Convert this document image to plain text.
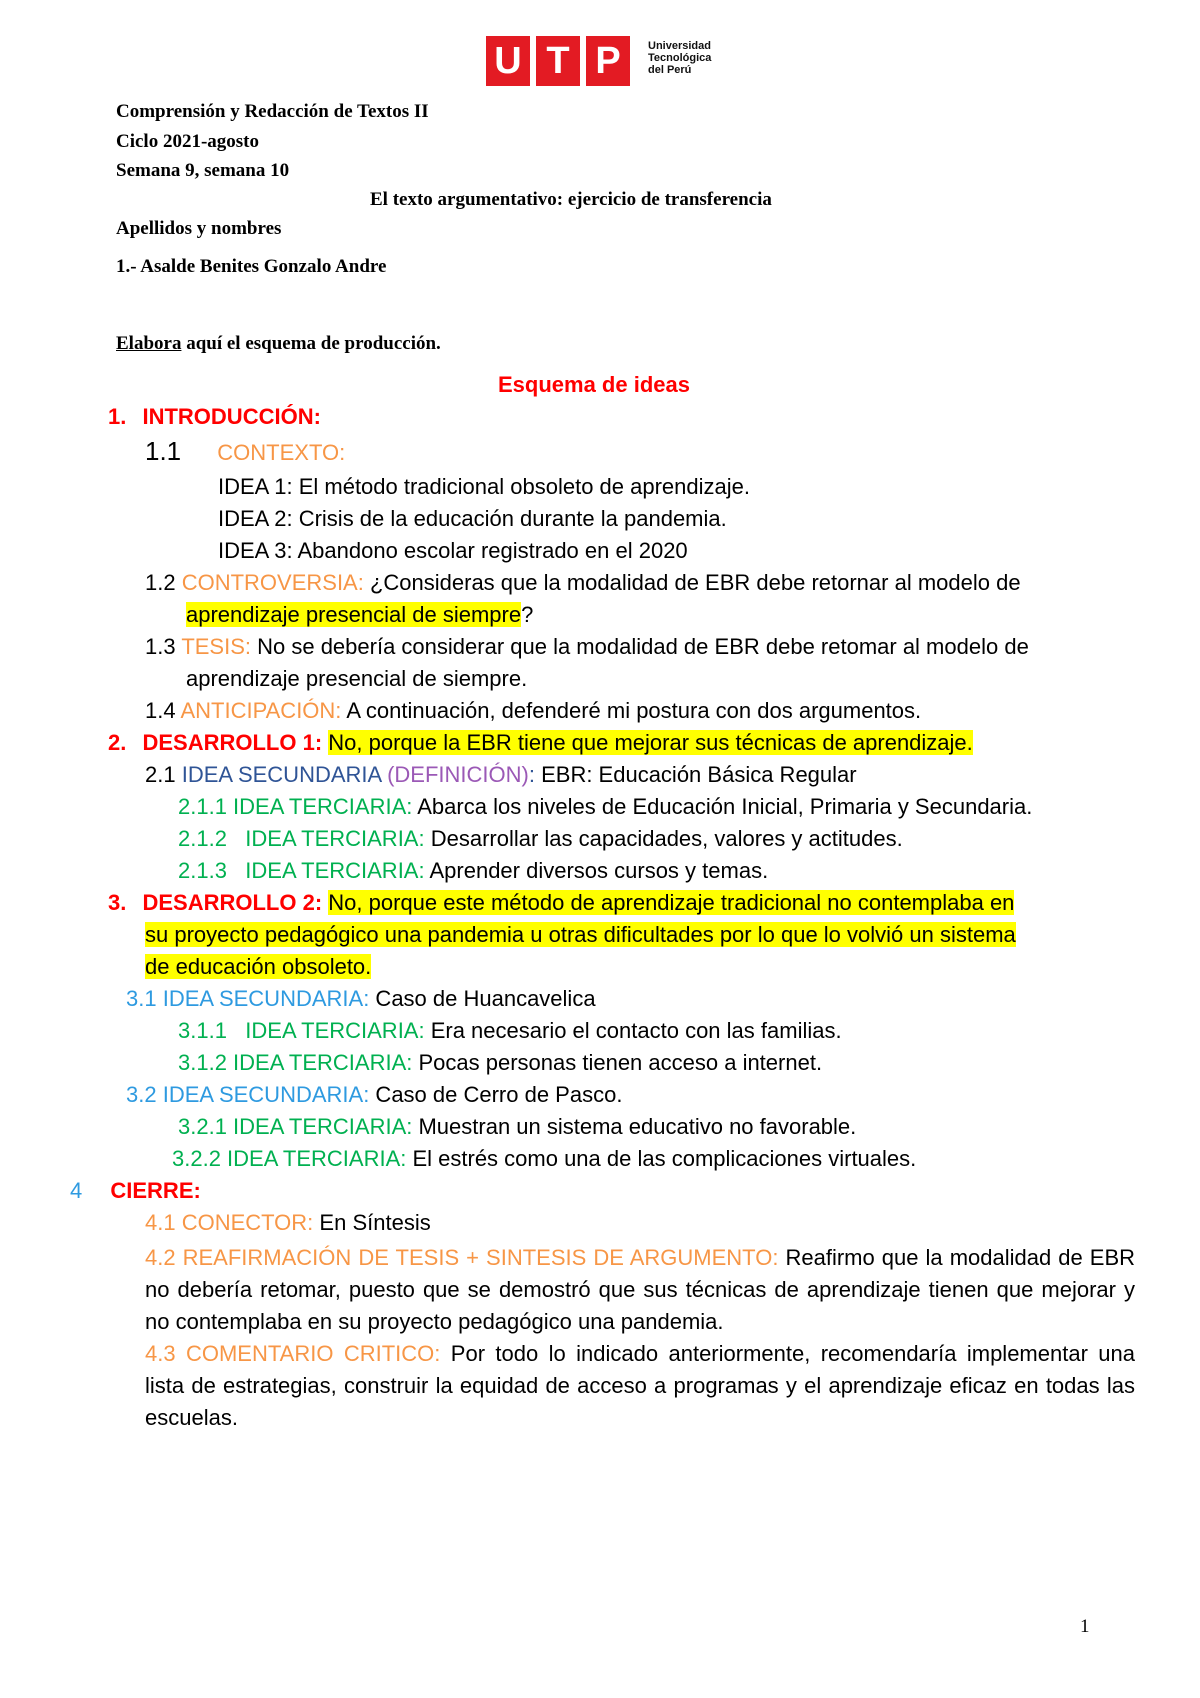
U T P	Universidad
Tecnológica
del Perú
Comprensión y Redacción de Textos II
Ciclo 2021-agosto
Semana 9, semana 10
El texto argumentativo: ejercicio de transferencia
Apellidos y nombres
1.- Asalde Benites Gonzalo Andre
Elabora aquí el esquema de producción.
Esquema de ideas
1. INTRODUCCIÓN:
1.1 CONTEXTO:
IDEA 1: El método tradicional obsoleto de aprendizaje.
IDEA 2: Crisis de la educación durante la pandemia.
IDEA 3: Abandono escolar registrado en el 2020
1.2 CONTROVERSIA: ¿Consideras que la modalidad de EBR debe retornar al modelo de
aprendizaje presencial de siempre?
1.3 TESIS: No se debería considerar que la modalidad de EBR debe retomar al modelo de
aprendizaje presencial de siempre.
1.4 ANTICIPACIÓN: A continuación, defenderé mi postura con dos argumentos.
2. DESARROLLO 1: No, porque la EBR tiene que mejorar sus técnicas de aprendizaje.
2.1 IDEA SECUNDARIA (DEFINICIÓN): EBR: Educación Básica Regular
2.1.1 IDEA TERCIARIA: Abarca los niveles de Educación Inicial, Primaria y Secundaria.
2.1.2   IDEA TERCIARIA: Desarrollar las capacidades, valores y actitudes.
2.1.3   IDEA TERCIARIA: Aprender diversos cursos y temas.
3. DESARROLLO 2: No, porque este método de aprendizaje tradicional no contemplaba en
su proyecto pedagógico una pandemia u otras dificultades por lo que lo volvió un sistema
de educación obsoleto.
3.1 IDEA SECUNDARIA: Caso de Huancavelica
3.1.1   IDEA TERCIARIA: Era necesario el contacto con las familias.
3.1.2 IDEA TERCIARIA: Pocas personas tienen acceso a internet.
3.2 IDEA SECUNDARIA: Caso de Cerro de Pasco.
3.2.1 IDEA TERCIARIA: Muestran un sistema educativo no favorable.
3.2.2 IDEA TERCIARIA: El estrés como una de las complicaciones virtuales.
4 CIERRE:
4.1 CONECTOR: En Síntesis
4.2 REAFIRMACIÓN DE TESIS + SINTESIS DE ARGUMENTO: Reafirmo que la modalidad de EBR no debería retomar, puesto que se demostró que sus técnicas de aprendizaje tienen que mejorar y no contemplaba en su proyecto pedagógico una pandemia.
4.3 COMENTARIO CRITICO: Por todo lo indicado anteriormente, recomendaría implementar una lista de estrategias, construir la equidad de acceso a programas y el aprendizaje eficaz en todas las escuelas.
1
